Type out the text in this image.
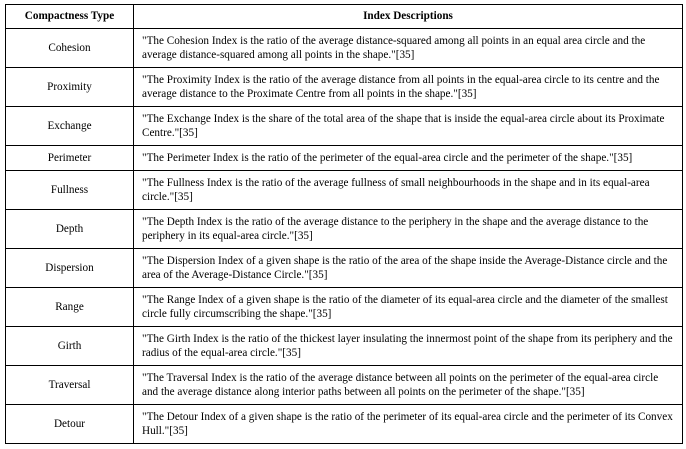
Compactness Type	Index Descriptions
Cohesion	"The Cohesion Index is the ratio of the average distance-squared among all points in an equal area circle and the average distance-squared among all points in the shape."[35]
Proximity	"The Proximity Index is the ratio of the average distance from all points in the equal-area circle to its centre and the average distance to the Proximate Centre from all points in the shape."[35]
Exchange	"The Exchange Index is the share of the total area of the shape that is inside the equal-area circle about its Proximate Centre."[35]
Perimeter	"The Perimeter Index is the ratio of the perimeter of the equal-area circle and the perimeter of the shape."[35]
Fullness	"The Fullness Index is the ratio of the average fullness of small neighbourhoods in the shape and in its equal-area circle."[35]
Depth	"The Depth Index is the ratio of the average distance to the periphery in the shape and the average distance to the periphery in its equal-area circle."[35]
Dispersion	"The Dispersion Index of a given shape is the ratio of the area of the shape inside the Average-Distance circle and the area of the Average-Distance Circle."[35]
Range	"The Range Index of a given shape is the ratio of the diameter of its equal-area circle and the diameter of the smallest circle fully circumscribing the shape."[35]
Girth	"The Girth Index is the ratio of the thickest layer insulating the innermost point of the shape from its periphery and the radius of the equal-area circle."[35]
Traversal	"The Traversal Index is the ratio of the average distance between all points on the perimeter of the equal-area circle and the average distance along interior paths between all points on the perimeter of the shape."[35]
Detour	"The Detour Index of a given shape is the ratio of the perimeter of its equal-area circle and the perimeter of its Convex Hull."[35]
